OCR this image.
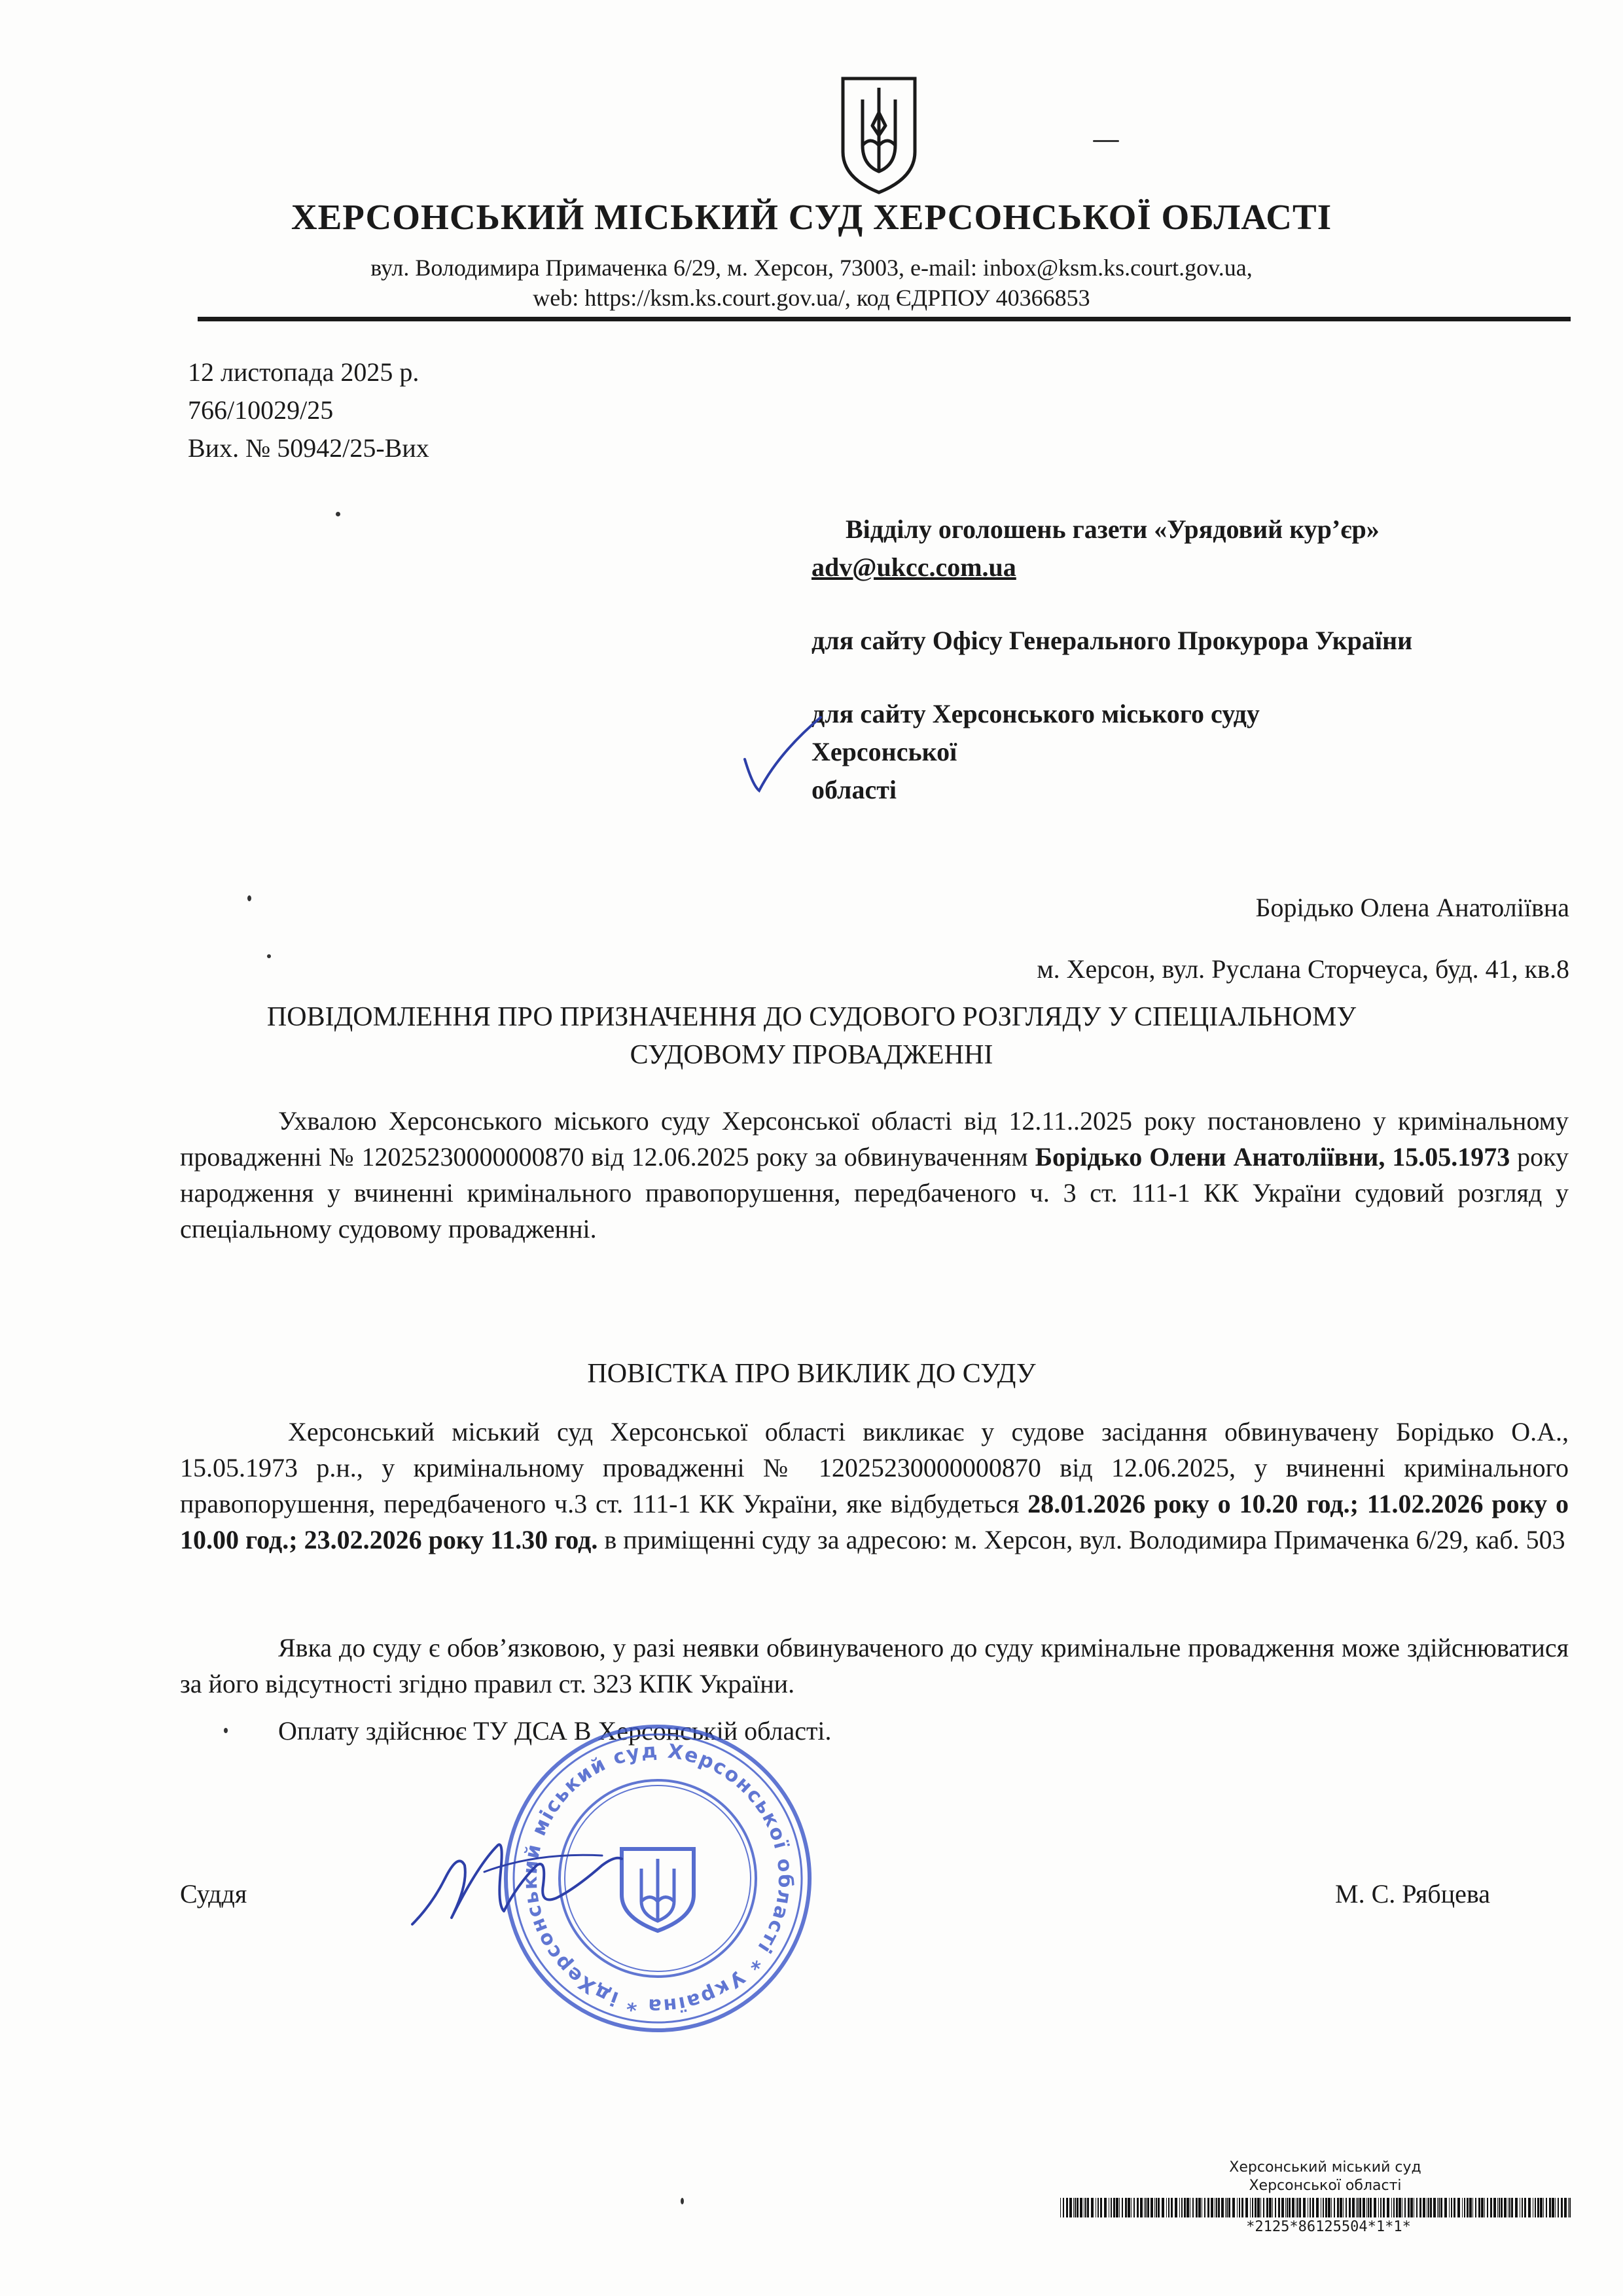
ХЕРСОНСЬКИЙ МІСЬКИЙ СУД ХЕРСОНСЬКОЇ ОБЛАСТІ
вул. Володимира Примаченка 6/29, м. Херсон, 73003, e-mail: inbox@ksm.ks.court.gov.ua,
web: https://ksm.ks.court.gov.ua/, код ЄДРПОУ 40366853
12 листопада 2025 р.
766/10029/25
Вих. № 50942/25-Вих
Відділу оголошень газети «Урядовий кур’єр»
adv@ukcc.com.ua
для сайту Офісу Генерального Прокурора України
для сайту Херсонського міського суду
Херсонської
області
Борідько Олена Анатоліївна
м. Херсон, вул. Руслана Сторчеуса, буд. 41, кв.8
ПОВІДОМЛЕННЯ ПРО ПРИЗНАЧЕННЯ ДО СУДОВОГО РОЗГЛЯДУ У СПЕЦІАЛЬНОМУ
СУДОВОМУ ПРОВАДЖЕННІ
Ухвалою Херсонського міського суду Херсонської області від 12.11..2025 року постановлено у кримінальному провадженні № 12025230000000870 від 12.06.2025 року за обвинуваченням Борідько Олени Анатоліївни, 15.05.1973 року народження у вчиненні кримінального правопорушення, передбаченого ч. 3 ст. 111-1 КК України судовий розгляд у спеціальному судовому провадженні.
ПОВІСТКА ПРО ВИКЛИК ДО СУДУ
Херсонський міський суд Херсонської області викликає у судове засідання обвинувачену Борідько О.А., 15.05.1973 р.н., у кримінальному провадженні № 12025230000000870 від 12.06.2025, у вчиненні кримінального правопорушення, передбаченого ч.3 ст. 111-1 КК України, яке відбудеться 28.01.2026 року о 10.20 год.; 11.02.2026 року о 10.00 год.; 23.02.2026 року 11.30 год. в приміщенні суду за адресою: м. Херсон, вул. Володимира Примаченка 6/29, каб. 503
Явка до суду є обов’язковою, у разі неявки обвинуваченого до суду кримінальне провадження може здійснюватися за його відсутності згідно правил ст. 323 КПК України.
Оплату здійснює ТУ ДСА В Херсонській області.
Суддя	М. С. Рябцева
Херсонський міський суд Херсонської області * Україна * ідентифікаційний
Херсонський міський суд
Херсонської області
*2125*86125504*1*1*
